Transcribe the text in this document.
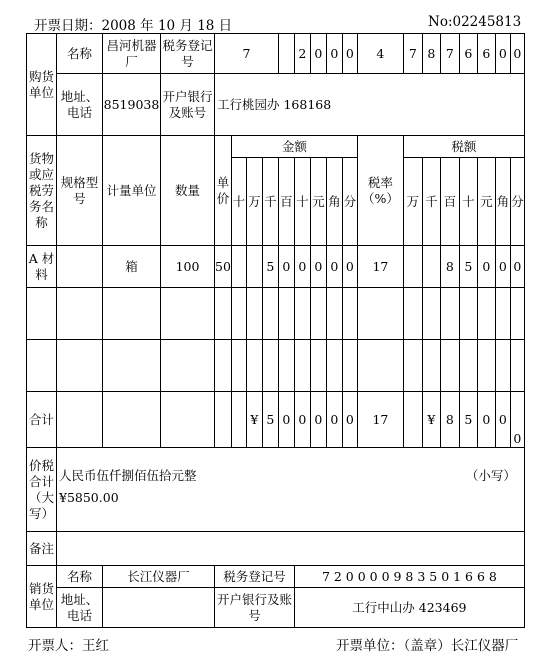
开票日期：2008 年 10 月 18 日	No:02245813
购货单位	名称	昌河机器厂	税务登记号	7					2	0	0	0	4	7	8	7	6	6	0	0
	地址、电话	8519038	开户银行及账号	工行桃园办 168168																
货物或应税劳务名称	规格型号	计量单位	数量	单价	金额								税率（%）	税额						
					十	万	千	百	十	元	角	分		万	千	百	十	元	角	分
A 材料		箱	100	50			5	0	0	0	0	0	17			8	5	0	0	0

合计						¥	5	0	0	0	0	0	17		¥	8	5	0	0	0
价税合计（大写）	人民币伍仟捌佰伍拾元整 （小写）
¥5850.00																			

备注																				
销货单位	名称	长江仪器厂		税务登记号					7 2 0 0 0 0 9 8 3 5 0 1 6 6 8											
	地址、电话			开户银行及账号					工行中山办 423469											
开票人：王红	开票单位：（盖章）长江仪器厂
